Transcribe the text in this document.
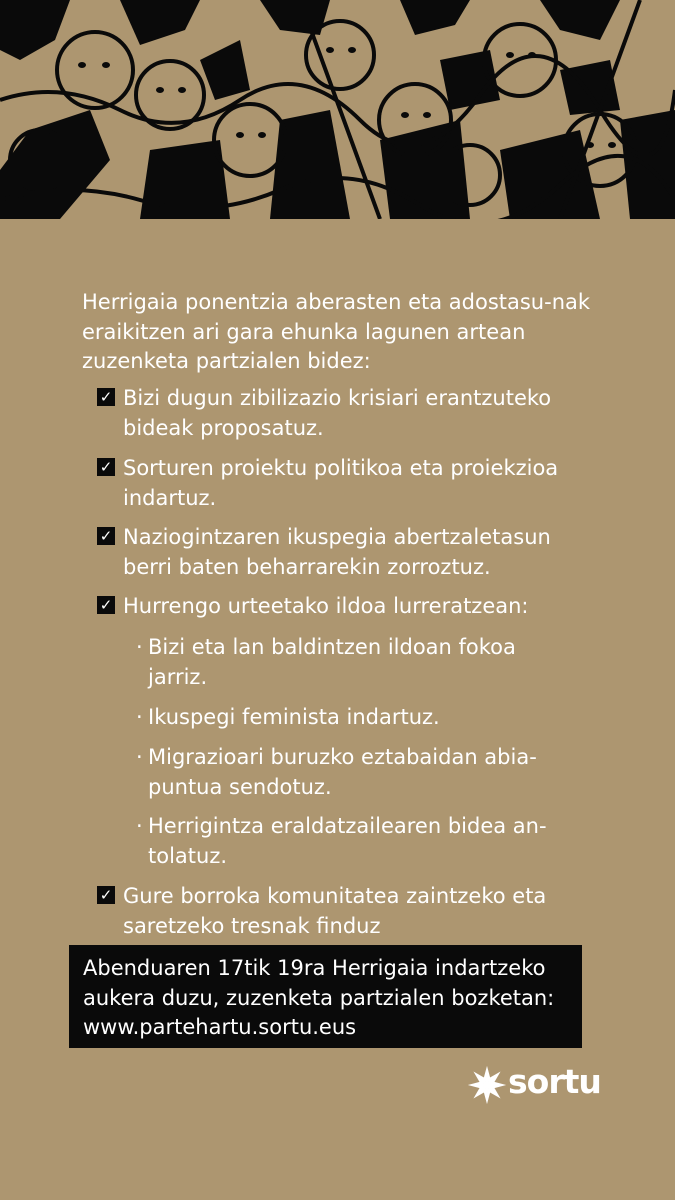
Herrigaia ponentzia aberasten eta adostasu-nak eraikitzen ari gara ehunka lagunen artean zuzenketa partzialen bidez:

✓ Bizi dugun zibilizazio krisiari erantzuteko bideak proposatuz.
✓ Sorturen proiektu politikoa eta proiekzioa indartuz.
✓ Naziogintzaren ikuspegia abertzaletasun berri baten beharrarekin zorroztuz.
✓ Hurrengo urteetako ildoa lurreratzean:
· Bizi eta lan baldintzen ildoan fokoa jarriz.
· Ikuspegi feminista indartuz.
· Migrazioari buruzko eztabaidan abia-puntua sendotuz.
· Herrigintza eraldatzailearen bidea an-tolatuz.
✓ Gure borroka komunitatea zaintzeko eta saretzeko tresnak finduz
Abenduaren 17tik 19ra Herrigaia indartzeko
aukera duzu, zuzenketa partzialen bozketan:
www.partehartu.sortu.eus
sortu
